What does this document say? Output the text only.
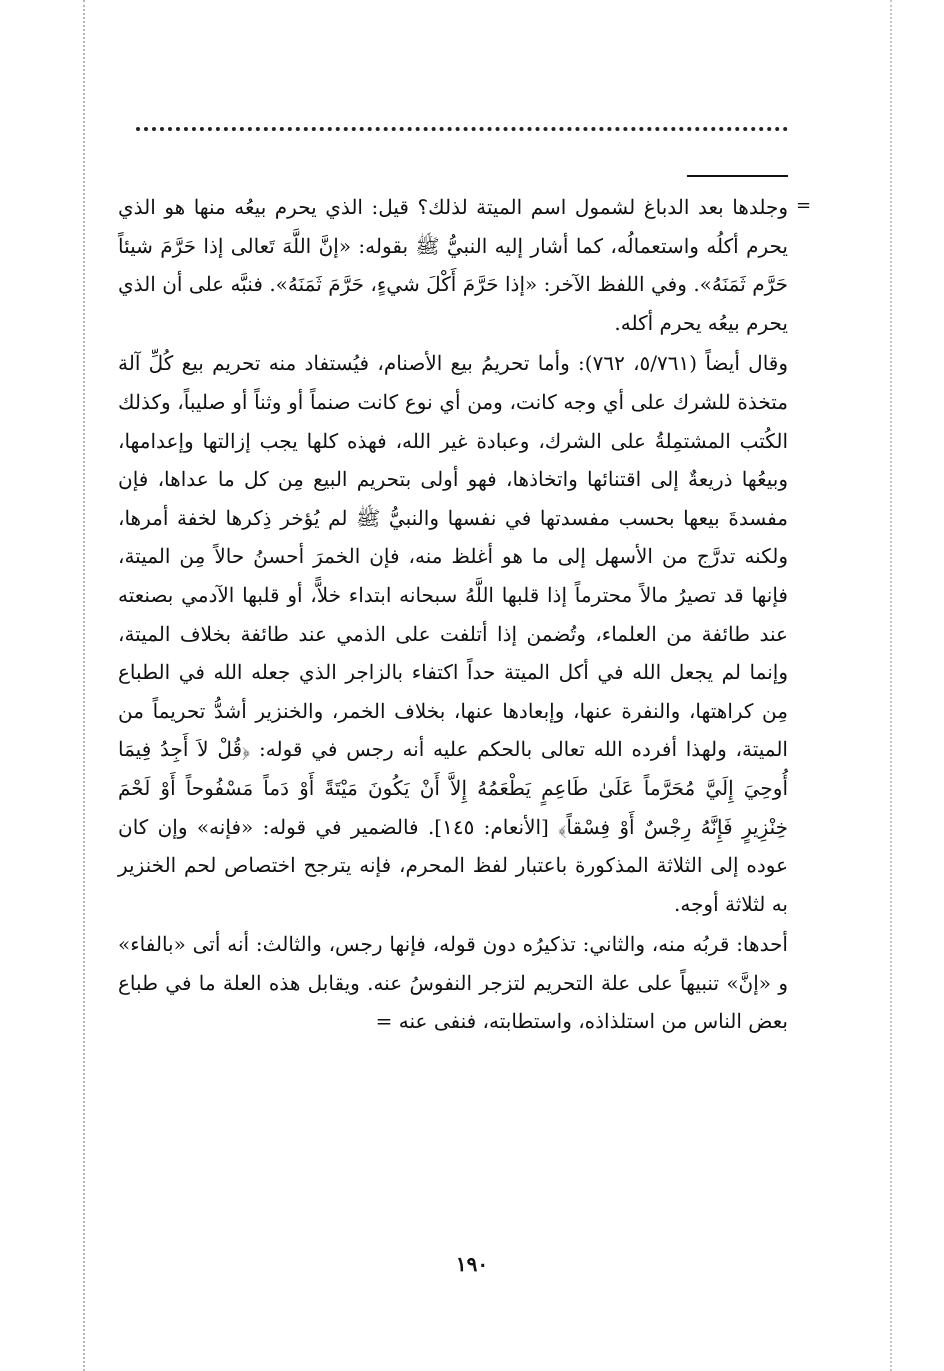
=

وجلدها بعد الدباغ لشمول اسم الميتة لذلك؟ قيل: الذي يحرم بيعُه منها هو الذي يحرم أكلُه واستعمالُه، كما أشار إليه النبيُّ ﷺ بقوله: «إنَّ اللَّهَ تَعالى إذا حَرَّمَ شيئاً حَرَّم ثَمَنَهُ». وفي اللفظ الآخر: «إذا حَرَّمَ أَكْلَ شيءٍ، حَرَّمَ ثَمَنَهُ». فنبَّه على أن الذي يحرم بيعُه يحرم أكله.

وقال أيضاً (٥/٧٦١، ٧٦٢): وأما تحريمُ بيع الأصنام، فيُستفاد منه تحريم بيع كُلِّ آلة متخذة للشرك على أي وجه كانت، ومن أي نوع كانت صنماً أو وثناً أو صليباً، وكذلك الكُتب المشتمِلةُ على الشرك، وعبادة غير الله، فهذه كلها يجب إزالتها وإعدامها، وبيعُها ذريعةٌ إلى اقتنائها واتخاذها، فهو أولى بتحريم البيع مِن كل ما عداها، فإن مفسدةَ بيعها بحسب مفسدتها في نفسها والنبيُّ ﷺ لم يُؤخر ذِكرها لخفة أمرها، ولكنه تدرَّج من الأسهل إلى ما هو أغلظ منه، فإن الخمرَ أحسنُ حالاً مِن الميتة، فإنها قد تصيرُ مالاً محترماً إذا قلبها اللَّهُ سبحانه ابتداء خلاًّ، أو قلبها الآدمي بصنعته عند طائفة من العلماء، وتُضمن إذا أتلفت على الذمي عند طائفة بخلاف الميتة، وإنما لم يجعل الله في أكل الميتة حداً اكتفاء بالزاجر الذي جعله الله في الطباع مِن كراهتها، والنفرة عنها، وإبعادها عنها، بخلاف الخمر، والخنزير أشدُّ تحريماً من الميتة، ولهذا أفرده الله تعالى بالحكم عليه أنه رجس في قوله: ﴿قُلْ لاَ أَجِدُ فِيمَا أُوحِيَ إِلَيَّ مُحَرَّماً عَلَىٰ طَاعِمٍ يَطْعَمُهُ إِلاَّ أَنْ يَكُونَ مَيْتَةً أَوْ دَماً مَسْفُوحاً أَوْ لَحْمَ خِنْزِيرٍ فَإِنَّهُ رِجْسٌ أَوْ فِسْقاً﴾ [الأنعام: ١٤٥]. فالضمير في قوله: «فإنه» وإن كان عوده إلى الثلاثة المذكورة باعتبار لفظ المحرم، فإنه يترجح اختصاص لحم الخنزير به لثلاثة أوجه.

أحدها: قربُه منه، والثاني: تذكيرُه دون قوله، فإنها رجس، والثالث: أنه أتى «بالفاء» و «إنَّ» تنبيهاً على علة التحريم لتزجر النفوسُ عنه. ويقابل هذه العلة ما في طباع بعض الناس من استلذاذه، واستطابته، فنفى عنه =

١٩٠
